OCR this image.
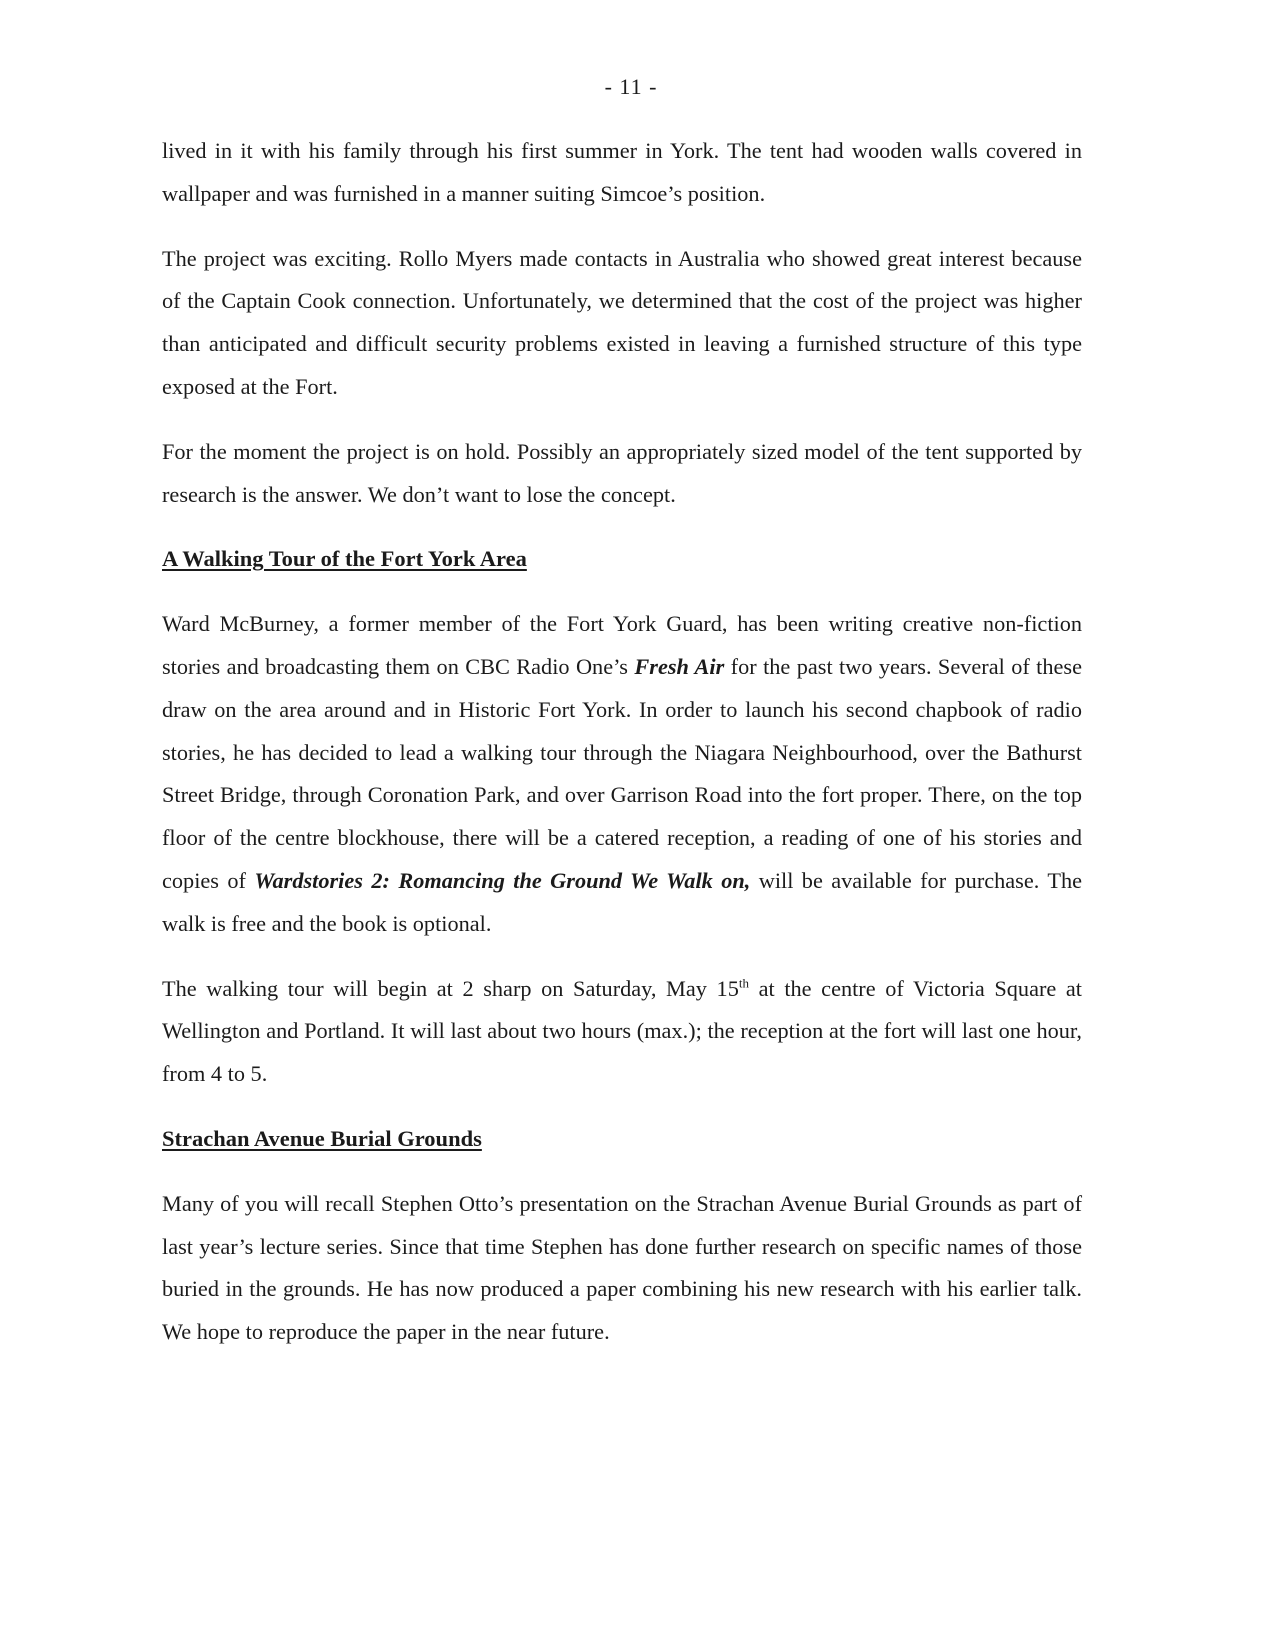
- 11 -

lived in it with his family through his first summer in York. The tent had wooden walls covered in wallpaper and was furnished in a manner suiting Simcoe’s position.

The project was exciting. Rollo Myers made contacts in Australia who showed great interest because of the Captain Cook connection. Unfortunately, we determined that the cost of the project was higher than anticipated and difficult security problems existed in leaving a furnished structure of this type exposed at the Fort.

For the moment the project is on hold. Possibly an appropriately sized model of the tent supported by research is the answer. We don’t want to lose the concept.

A Walking Tour of the Fort York Area

Ward McBurney, a former member of the Fort York Guard, has been writing creative non-fiction stories and broadcasting them on CBC Radio One’s Fresh Air for the past two years. Several of these draw on the area around and in Historic Fort York. In order to launch his second chapbook of radio stories, he has decided to lead a walking tour through the Niagara Neighbourhood, over the Bathurst Street Bridge, through Coronation Park, and over Garrison Road into the fort proper. There, on the top floor of the centre blockhouse, there will be a catered reception, a reading of one of his stories and copies of Wardstories 2: Romancing the Ground We Walk on, will be available for purchase. The walk is free and the book is optional.

The walking tour will begin at 2 sharp on Saturday, May 15th at the centre of Victoria Square at Wellington and Portland. It will last about two hours (max.); the reception at the fort will last one hour, from 4 to 5.

Strachan Avenue Burial Grounds

Many of you will recall Stephen Otto’s presentation on the Strachan Avenue Burial Grounds as part of last year’s lecture series. Since that time Stephen has done further research on specific names of those buried in the grounds. He has now produced a paper combining his new research with his earlier talk. We hope to reproduce the paper in the near future.
